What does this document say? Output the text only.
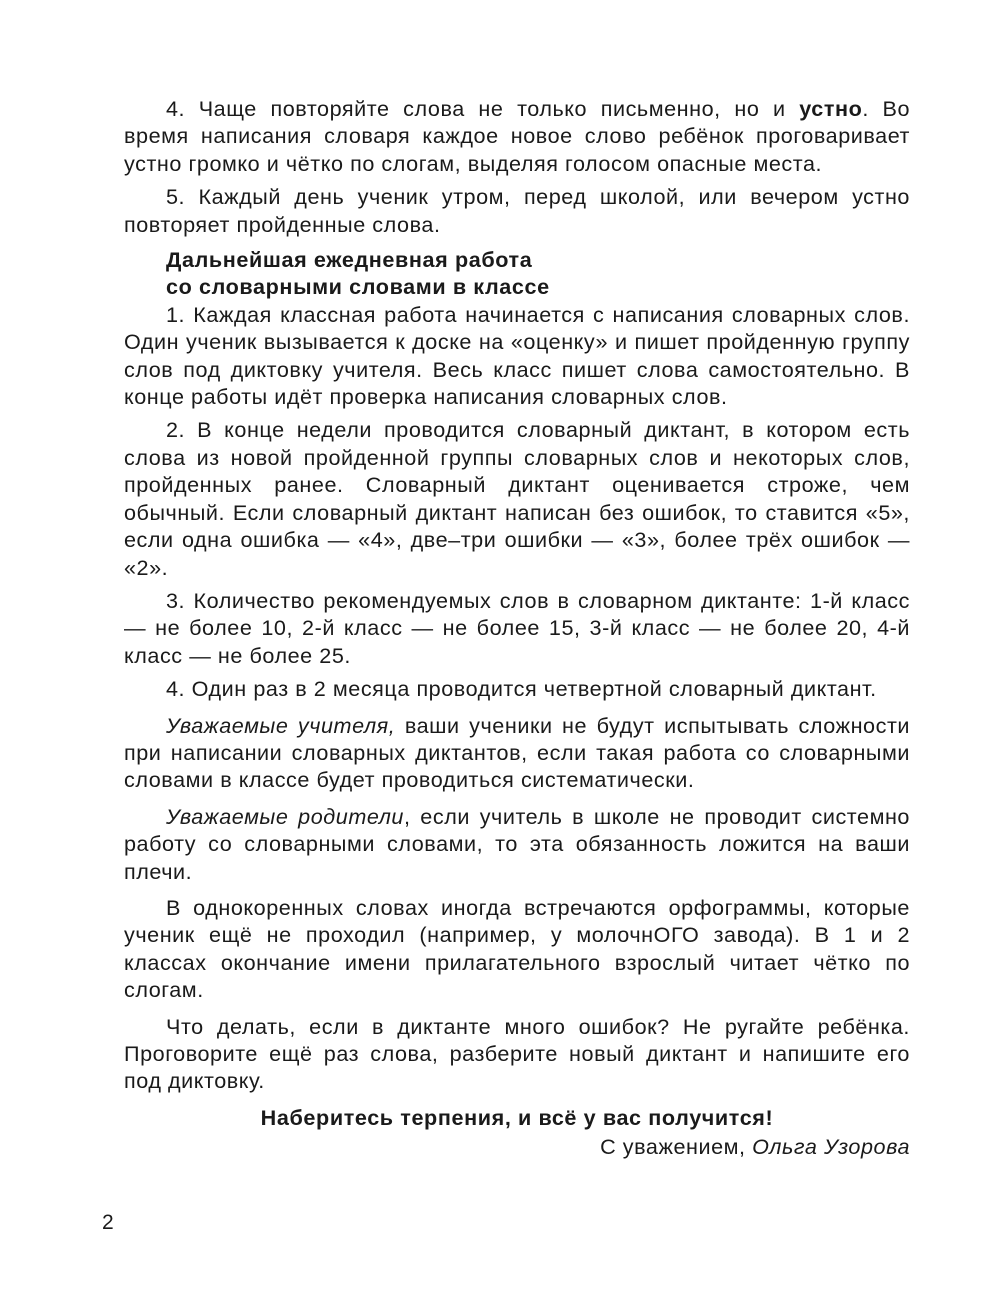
4. Чаще повторяйте слова не только письменно, но и устно. Во время написания словаря каждое новое слово ребёнок проговаривает устно громко и чётко по слогам, выделяя голосом опасные места.

5. Каждый день ученик утром, перед школой, или вечером устно повторяет пройденные слова.

Дальнейшая ежедневная работа
со словарными словами в классе

1. Каждая классная работа начинается с написания словарных слов. Один ученик вызывается к доске на «оценку» и пишет пройденную группу слов под диктовку учителя. Весь класс пишет слова самостоятельно. В конце работы идёт проверка написания словарных слов.

2. В конце недели проводится словарный диктант, в котором есть слова из новой пройденной группы словарных слов и некоторых слов, пройденных ранее. Словарный диктант оценивается строже, чем обычный. Если словарный диктант написан без ошибок, то ставится «5», если одна ошибка — «4», две–три ошибки — «3», более трёх ошибок — «2».

3. Количество рекомендуемых слов в словарном диктанте: 1-й класс — не более 10, 2-й класс — не более 15, 3-й класс — не более 20, 4-й класс — не более 25.

4. Один раз в 2 месяца проводится четвертной словарный диктант.

Уважаемые учителя, ваши ученики не будут испытывать сложности при написании словарных диктантов, если такая работа со словарными словами в классе будет проводиться систематически.

Уважаемые родители, если учитель в школе не проводит системно работу со словарными словами, то эта обязанность ложится на ваши плечи.

В однокоренных словах иногда встречаются орфограммы, которые ученик ещё не проходил (например, у молочнОГО завода). В 1 и 2 классах окончание имени прилагательного взрослый читает чётко по слогам.

Что делать, если в диктанте много ошибок? Не ругайте ребёнка. Проговорите ещё раз слова, разберите новый диктант и напишите его под диктовку.

Наберитесь терпения, и всё у вас получится!
С уважением, Ольга Узорова
2
